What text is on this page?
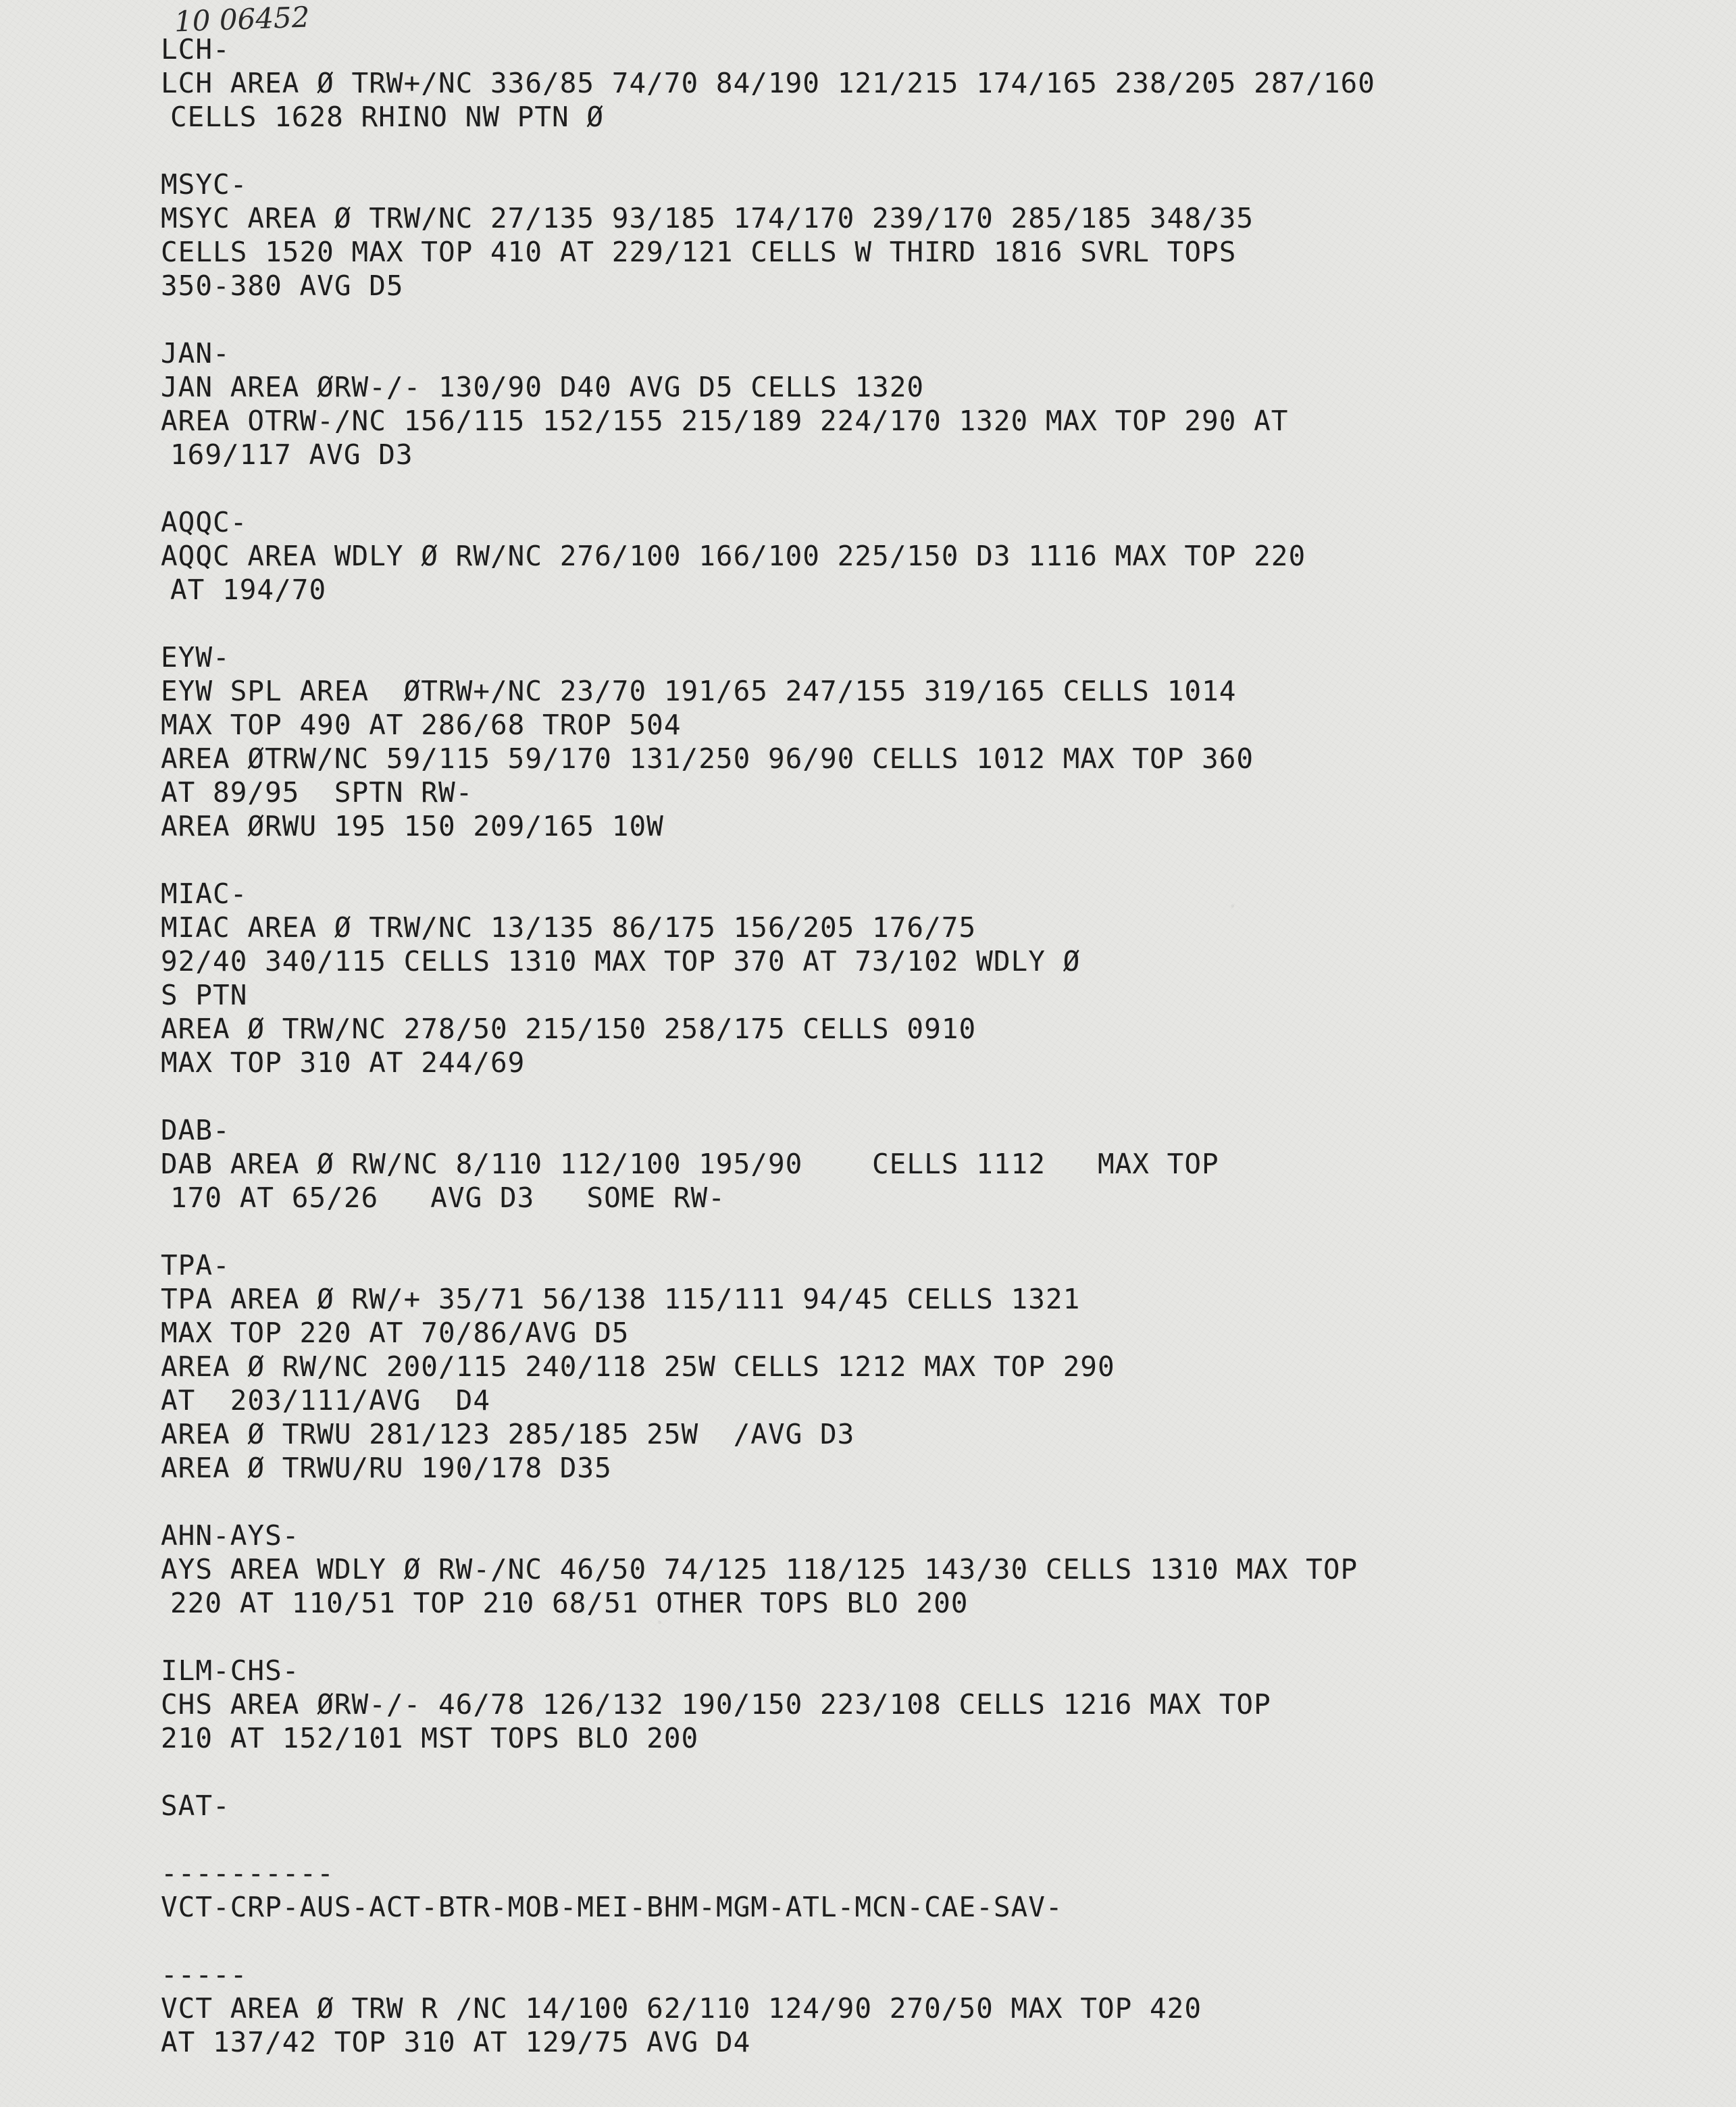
10 06452
LCH-
LCH AREA Ø TRW+/NC 336/85 74/70 84/190 121/215 174/165 238/205 287/160
CELLS 1628 RHINO NW PTN Ø
MSYC-
MSYC AREA Ø TRW/NC 27/135 93/185 174/170 239/170 285/185 348/35
CELLS 1520 MAX TOP 410 AT 229/121 CELLS W THIRD 1816 SVRL TOPS
350-380 AVG D5
JAN-
JAN AREA ØRW-/- 130/90 D40 AVG D5 CELLS 1320
AREA OTRW-/NC 156/115 152/155 215/189 224/170 1320 MAX TOP 290 AT
169/117 AVG D3
AQQC-
AQQC AREA WDLY Ø RW/NC 276/100 166/100 225/150 D3 1116 MAX TOP 220
AT 194/70
EYW-
EYW SPL AREA  ØTRW+/NC 23/70 191/65 247/155 319/165 CELLS 1014
MAX TOP 490 AT 286/68 TROP 504
AREA ØTRW/NC 59/115 59/170 131/250 96/90 CELLS 1012 MAX TOP 360
AT 89/95  SPTN RW-
AREA ØRWU 195 150 209/165 10W
MIAC-
MIAC AREA Ø TRW/NC 13/135 86/175 156/205 176/75
92/40 340/115 CELLS 1310 MAX TOP 370 AT 73/102 WDLY Ø
S PTN
AREA Ø TRW/NC 278/50 215/150 258/175 CELLS 0910
MAX TOP 310 AT 244/69
DAB-
DAB AREA Ø RW/NC 8/110 112/100 195/90    CELLS 1112   MAX TOP
170 AT 65/26   AVG D3   SOME RW-
TPA-
TPA AREA Ø RW/+ 35/71 56/138 115/111 94/45 CELLS 1321
MAX TOP 220 AT 70/86/AVG D5
AREA Ø RW/NC 200/115 240/118 25W CELLS 1212 MAX TOP 290
AT  203/111/AVG  D4
AREA Ø TRWU 281/123 285/185 25W  /AVG D3
AREA Ø TRWU/RU 190/178 D35
AHN-AYS-
AYS AREA WDLY Ø RW-/NC 46/50 74/125 118/125 143/30 CELLS 1310 MAX TOP
220 AT 110/51 TOP 210 68/51 OTHER TOPS BLO 200
ILM-CHS-
CHS AREA ØRW-/- 46/78 126/132 190/150 223/108 CELLS 1216 MAX TOP
210 AT 152/101 MST TOPS BLO 200
SAT-
----------
VCT-CRP-AUS-ACT-BTR-MOB-MEI-BHM-MGM-ATL-MCN-CAE-SAV-
-----
VCT AREA Ø TRW R /NC 14/100 62/110 124/90 270/50 MAX TOP 420
AT 137/42 TOP 310 AT 129/75 AVG D4
